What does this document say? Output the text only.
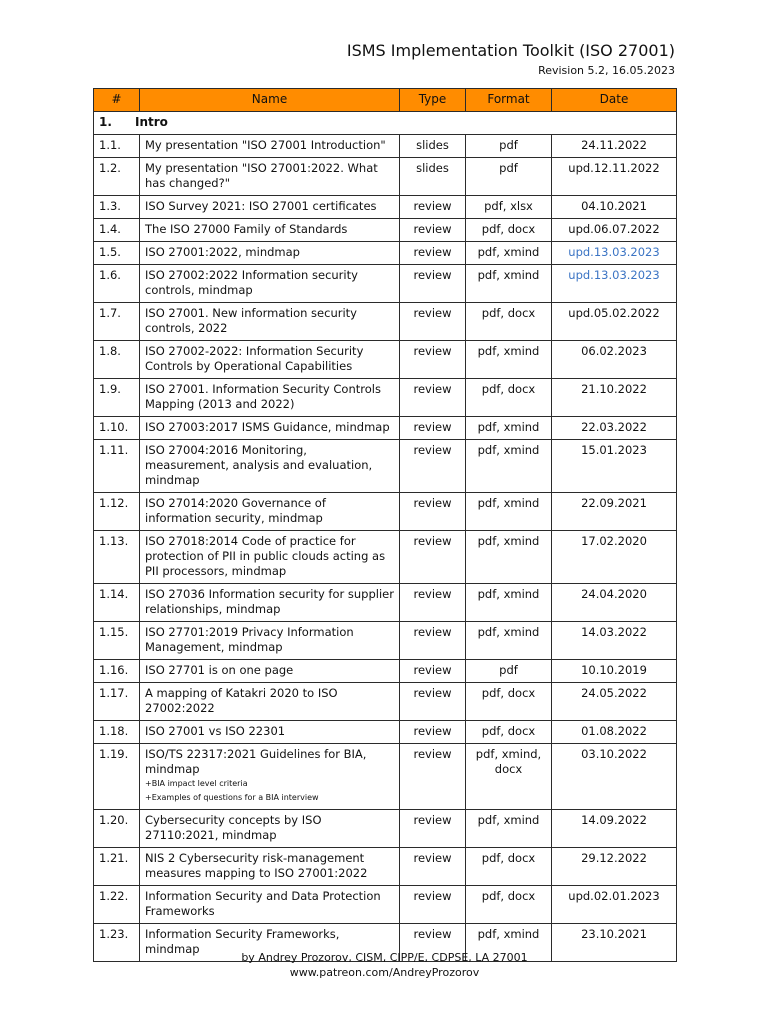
ISMS Implementation Toolkit (ISO 27001)
Revision 5.2, 16.05.2023
#	Name	Type	Format	Date
1. Intro				
1.1.	My presentation "ISO 27001 Introduction"	slides	pdf	24.11.2022
1.2.	My presentation "ISO 27001:2022. What has changed?"	slides	pdf	upd.12.11.2022
1.3.	ISO Survey 2021: ISO 27001 certificates	review	pdf, xlsx	04.10.2021
1.4.	The ISO 27000 Family of Standards	review	pdf, docx	upd.06.07.2022
1.5.	ISO 27001:2022, mindmap	review	pdf, xmind	upd.13.03.2023
1.6.	ISO 27002:2022 Information security controls, mindmap	review	pdf, xmind	upd.13.03.2023
1.7.	ISO 27001. New information security controls, 2022	review	pdf, docx	upd.05.02.2022
1.8.	ISO 27002-2022: Information Security Controls by Operational Capabilities	review	pdf, xmind	06.02.2023
1.9.	ISO 27001. Information Security Controls Mapping (2013 and 2022)	review	pdf, docx	21.10.2022
1.10.	ISO 27003:2017 ISMS Guidance, mindmap	review	pdf, xmind	22.03.2022
1.11.	ISO 27004:2016 Monitoring, measurement, analysis and evaluation, mindmap	review	pdf, xmind	15.01.2023
1.12.	ISO 27014:2020 Governance of information security, mindmap	review	pdf, xmind	22.09.2021
1.13.	ISO 27018:2014 Code of practice for protection of PII in public clouds acting as PII processors, mindmap	review	pdf, xmind	17.02.2020
1.14.	ISO 27036 Information security for supplier relationships, mindmap	review	pdf, xmind	24.04.2020
1.15.	ISO 27701:2019 Privacy Information Management, mindmap	review	pdf, xmind	14.03.2022
1.16.	ISO 27701 is on one page	review	pdf	10.10.2019
1.17.	A mapping of Katakri 2020 to ISO 27002:2022	review	pdf, docx	24.05.2022
1.18.	ISO 27001 vs ISO 22301	review	pdf, docx	01.08.2022
1.19.	ISO/TS 22317:2021 Guidelines for BIA, mindmap
+BIA impact level criteria
+Examples of questions for a BIA interview	review	pdf, xmind, docx	03.10.2022
1.20.	Cybersecurity concepts by ISO 27110:2021, mindmap	review	pdf, xmind	14.09.2022
1.21.	NIS 2 Cybersecurity risk-management measures mapping to ISO 27001:2022	review	pdf, docx	29.12.2022
1.22.	Information Security and Data Protection Frameworks	review	pdf, docx	upd.02.01.2023
1.23.	Information Security Frameworks, mindmap	review	pdf, xmind	23.10.2021
by Andrey Prozorov, CISM, CIPP/E, CDPSE, LA 27001
www.patreon.com/AndreyProzorov
